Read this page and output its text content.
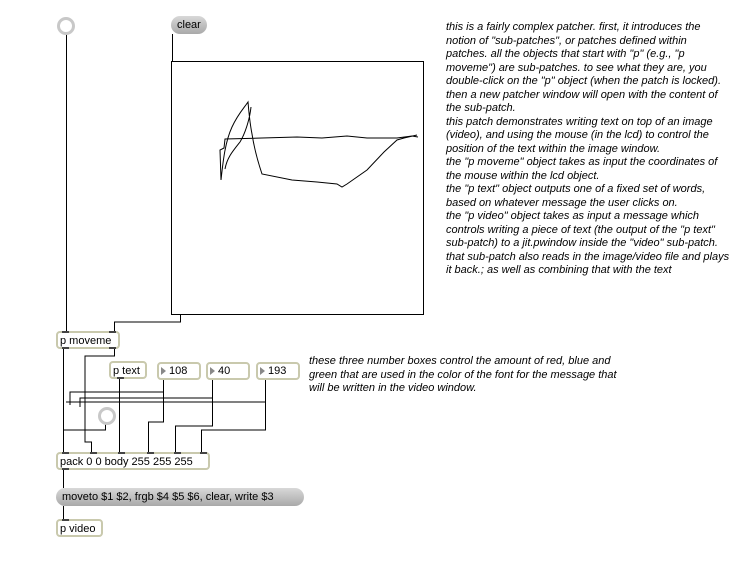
clear
p moveme
p text	108	40	193
pack 0 0 body 255 255 255
moveto $1 $2, frgb $4 $5 $6, clear, write $3
p video

this is a fairly complex patcher. first, it introduces the notion of "sub-patches", or patches defined within patches. all the objects that start with "p" (e.g., "p moveme") are sub-patches. to see what they are, you double-click on the "p" object (when the patch is locked). then a new patcher window will open with the content of the sub-patch.

this patch demonstrates writing text on top of an image (video), and using the mouse (in the lcd) to control the position of the text within the image window.

the "p moveme" object takes as input the coordinates of the mouse within the lcd object.

the "p text" object outputs one of a fixed set of words, based on whatever message the user clicks on.

the "p video" object takes as input a message which controls writing a piece of text (the output of the "p text" sub-patch) to a jit.pwindow inside the "video" sub-patch. that sub-patch also reads in the image/video file and plays it back.; as well as combining that with the text

these three number boxes control the amount of red, blue and green that are used in the color of the font for the message that will be written in the video window.
